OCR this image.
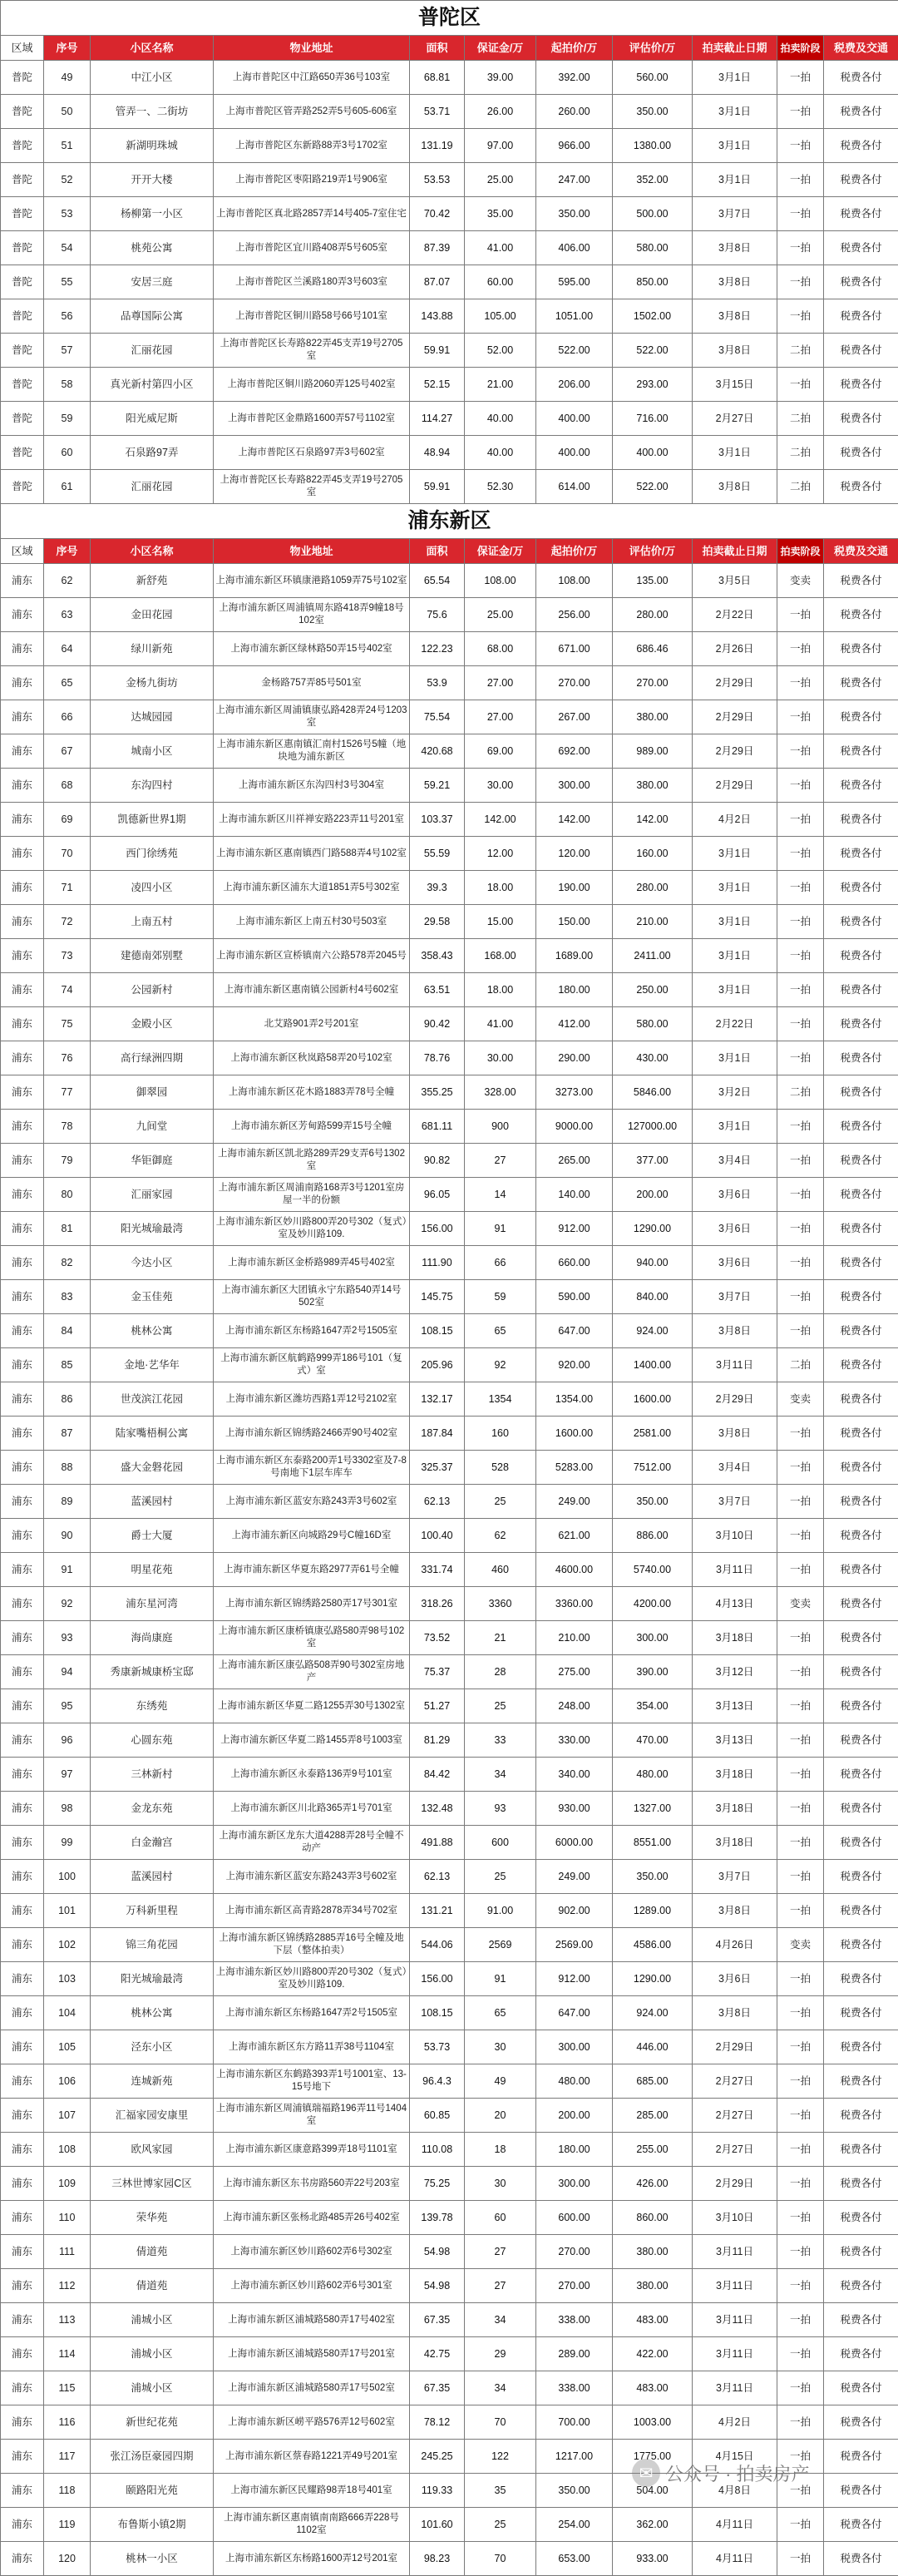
普陀区										
区域	序号	小区名称	物业地址	面积	保证金/万	起拍价/万	评估价/万	拍卖截止日期	拍卖阶段	税费及交通
普陀	49	中江小区	上海市普陀区中江路650弄36号103室	68.81	39.00	392.00	560.00	3月1日	一拍	税费各付
普陀	50	管弄一、二街坊	上海市普陀区管弄路252弄5号605-606室	53.71	26.00	260.00	350.00	3月1日	一拍	税费各付
普陀	51	新湖明珠城	上海市普陀区东新路88弄3号1702室	131.19	97.00	966.00	1380.00	3月1日	一拍	税费各付
普陀	52	开开大楼	上海市普陀区枣阳路219弄1号906室	53.53	25.00	247.00	352.00	3月1日	一拍	税费各付
普陀	53	杨柳第一小区	上海市普陀区真北路2857弄14号405-7室住宅	70.42	35.00	350.00	500.00	3月7日	一拍	税费各付
普陀	54	桃苑公寓	上海市普陀区宜川路408弄5号605室	87.39	41.00	406.00	580.00	3月8日	一拍	税费各付
普陀	55	安居三庭	上海市普陀区兰溪路180弄3号603室	87.07	60.00	595.00	850.00	3月8日	一拍	税费各付
普陀	56	品尊国际公寓	上海市普陀区铜川路58号66号101室	143.88	105.00	1051.00	1502.00	3月8日	一拍	税费各付
普陀	57	汇丽花园	上海市普陀区长寿路822弄45支弄19号2705室	59.91	52.00	522.00	522.00	3月8日	二拍	税费各付
普陀	58	真光新村第四小区	上海市普陀区铜川路2060弄125号402室	52.15	21.00	206.00	293.00	3月15日	一拍	税费各付
普陀	59	阳光威尼斯	上海市普陀区金鼎路1600弄57号1102室	114.27	40.00	400.00	716.00	2月27日	二拍	税费各付
普陀	60	石泉路97弄	上海市普陀区石泉路97弄3号602室	48.94	40.00	400.00	400.00	3月1日	二拍	税费各付
普陀	61	汇丽花园	上海市普陀区长寿路822弄45支弄19号2705室	59.91	52.30	614.00	522.00	3月8日	二拍	税费各付
浦东新区										
区域	序号	小区名称	物业地址	面积	保证金/万	起拍价/万	评估价/万	拍卖截止日期	拍卖阶段	税费及交通
浦东	62	新舒苑	上海市浦东新区环镇康港路1059弄75号102室	65.54	108.00	108.00	135.00	3月5日	变卖	税费各付
浦东	63	金田花园	上海市浦东新区周浦镇周东路418弄9幢18号102室	75.6	25.00	256.00	280.00	2月22日	一拍	税费各付
浦东	64	绿川新苑	上海市浦东新区绿林路50弄15号402室	122.23	68.00	671.00	686.46	2月26日	一拍	税费各付
浦东	65	金杨九街坊	金杨路757弄85号501室	53.9	27.00	270.00	270.00	2月29日	一拍	税费各付
浦东	66	达城园园	上海市浦东新区周浦镇康弘路428弄24号1203室	75.54	27.00	267.00	380.00	2月29日	一拍	税费各付
浦东	67	城南小区	上海市浦东新区惠南镇汇南村1526号5幢（地块地为浦东新区	420.68	69.00	692.00	989.00	2月29日	一拍	税费各付
浦东	68	东沟四村	上海市浦东新区东沟四村3号304室	59.21	30.00	300.00	380.00	2月29日	一拍	税费各付
浦东	69	凯德新世界1期	上海市浦东新区川祥禅安路223弄11号201室	103.37	142.00	142.00	142.00	4月2日	一拍	税费各付
浦东	70	西门徐绣苑	上海市浦东新区惠南镇西门路588弄4号102室	55.59	12.00	120.00	160.00	3月1日	一拍	税费各付
浦东	71	凌四小区	上海市浦东新区浦东大道1851弄5号302室	39.3	18.00	190.00	280.00	3月1日	一拍	税费各付
浦东	72	上南五村	上海市浦东新区上南五村30号503室	29.58	15.00	150.00	210.00	3月1日	一拍	税费各付
浦东	73	建德南郊别墅	上海市浦东新区宣桥镇南六公路578弄2045号	358.43	168.00	1689.00	2411.00	3月1日	一拍	税费各付
浦东	74	公园新村	上海市浦东新区惠南镇公园新村4号602室	63.51	18.00	180.00	250.00	3月1日	一拍	税费各付
浦东	75	金殿小区	北艾路901弄2号201室	90.42	41.00	412.00	580.00	2月22日	一拍	税费各付
浦东	76	高行绿洲四期	上海市浦东新区秋岚路58弄20号102室	78.76	30.00	290.00	430.00	3月1日	一拍	税费各付
浦东	77	御翠园	上海市浦东新区花木路1883弄78号全幢	355.25	328.00	3273.00	5846.00	3月2日	二拍	税费各付
浦东	78	九间堂	上海市浦东新区芳甸路599弄15号全幢	681.11	900	9000.00	127000.00	3月1日	一拍	税费各付
浦东	79	华钜御庭	上海市浦东新区凯北路289弄29支弄6号1302室	90.82	27	265.00	377.00	3月4日	一拍	税费各付
浦东	80	汇丽家园	上海市浦东新区周浦南路168弄3号1201室房屋一半的份额	96.05	14	140.00	200.00	3月6日	一拍	税费各付
浦东	81	阳光城瑜最湾	上海市浦东新区妙川路800弄20号302（复式）室及妙川路109.	156.00	91	912.00	1290.00	3月6日	一拍	税费各付
浦东	82	今达小区	上海市浦东新区金桥路989弄45号402室	111.90	66	660.00	940.00	3月6日	一拍	税费各付
浦东	83	金玉佳苑	上海市浦东新区大团镇永宁东路540弄14号502室	145.75	59	590.00	840.00	3月7日	一拍	税费各付
浦东	84	桃林公寓	上海市浦东新区东杨路1647弄2号1505室	108.15	65	647.00	924.00	3月8日	一拍	税费各付
浦东	85	金地·艺华年	上海市浦东新区航鹤路999弄186号101（复式）室	205.96	92	920.00	1400.00	3月11日	二拍	税费各付
浦东	86	世茂滨江花园	上海市浦东新区潍坊西路1弄12号2102室	132.17	1354	1354.00	1600.00	2月29日	变卖	税费各付
浦东	87	陆家嘴梧桐公寓	上海市浦东新区锦绣路2466弄90号402室	187.84	160	1600.00	2581.00	3月8日	一拍	税费各付
浦东	88	盛大金磐花园	上海市浦东新区东泰路200弄1号3302室及7-8号南地下1层车库车	325.37	528	5283.00	7512.00	3月4日	一拍	税费各付
浦东	89	蓝溪园村	上海市浦东新区蓝安东路243弄3号602室	62.13	25	249.00	350.00	3月7日	一拍	税费各付
浦东	90	爵士大厦	上海市浦东新区向城路29号C幢16D室	100.40	62	621.00	886.00	3月10日	一拍	税费各付
浦东	91	明星花苑	上海市浦东新区华夏东路2977弄61号全幢	331.74	460	4600.00	5740.00	3月11日	一拍	税费各付
浦东	92	浦东星河湾	上海市浦东新区锦绣路2580弄17号301室	318.26	3360	3360.00	4200.00	4月13日	变卖	税费各付
浦东	93	海尚康庭	上海市浦东新区康桥镇康弘路580弄98号102室	73.52	21	210.00	300.00	3月18日	一拍	税费各付
浦东	94	秀康新城康桥宝邸	上海市浦东新区康弘路508弄90号302室房地产	75.37	28	275.00	390.00	3月12日	一拍	税费各付
浦东	95	东绣苑	上海市浦东新区华夏二路1255弄30号1302室	51.27	25	248.00	354.00	3月13日	一拍	税费各付
浦东	96	心圆东苑	上海市浦东新区华夏二路1455弄8号1003室	81.29	33	330.00	470.00	3月13日	一拍	税费各付
浦东	97	三林新村	上海市浦东新区永泰路136弄9号101室	84.42	34	340.00	480.00	3月18日	一拍	税费各付
浦东	98	金龙东苑	上海市浦东新区川北路365弄1号701室	132.48	93	930.00	1327.00	3月18日	一拍	税费各付
浦东	99	白金瀚宫	上海市浦东新区龙东大道4288弄28号全幢不动产	491.88	600	6000.00	8551.00	3月18日	一拍	税费各付
浦东	100	蓝溪园村	上海市浦东新区蓝安东路243弄3号602室	62.13	25	249.00	350.00	3月7日	一拍	税费各付
浦东	101	万科新里程	上海市浦东新区高青路2878弄34号702室	131.21	91.00	902.00	1289.00	3月8日	一拍	税费各付
浦东	102	锦三角花园	上海市浦东新区锦绣路2885弄16号全幢及地下层（整体拍卖）	544.06	2569	2569.00	4586.00	4月26日	变卖	税费各付
浦东	103	阳光城瑜最湾	上海市浦东新区妙川路800弄20号302（复式）室及妙川路109.	156.00	91	912.00	1290.00	3月6日	一拍	税费各付
浦东	104	桃林公寓	上海市浦东新区东杨路1647弄2号1505室	108.15	65	647.00	924.00	3月8日	一拍	税费各付
浦东	105	泾东小区	上海市浦东新区东方路11弄38号1104室	53.73	30	300.00	446.00	2月29日	一拍	税费各付
浦东	106	连城新苑	上海市浦东新区东鹤路393弄1号1001室、13-15号地下	96.4.3	49	480.00	685.00	2月27日	一拍	税费各付
浦东	107	汇福家园安康里	上海市浦东新区周浦镇瑞福路196弄11号1404室	60.85	20	200.00	285.00	2月27日	一拍	税费各付
浦东	108	欧风家园	上海市浦东新区康意路399弄18号1101室	110.08	18	180.00	255.00	2月27日	一拍	税费各付
浦东	109	三林世博家园C区	上海市浦东新区东书房路560弄22号203室	75.25	30	300.00	426.00	2月29日	一拍	税费各付
浦东	110	荣华苑	上海市浦东新区张杨北路485弄26号402室	139.78	60	600.00	860.00	3月10日	一拍	税费各付
浦东	111	倩道苑	上海市浦东新区妙川路602弄6号302室	54.98	27	270.00	380.00	3月11日	一拍	税费各付
浦东	112	倩道苑	上海市浦东新区妙川路602弄6号301室	54.98	27	270.00	380.00	3月11日	一拍	税费各付
浦东	113	浦城小区	上海市浦东新区浦城路580弄17号402室	67.35	34	338.00	483.00	3月11日	一拍	税费各付
浦东	114	浦城小区	上海市浦东新区浦城路580弄17号201室	42.75	29	289.00	422.00	3月11日	一拍	税费各付
浦东	115	浦城小区	上海市浦东新区浦城路580弄17号502室	67.35	34	338.00	483.00	3月11日	一拍	税费各付
浦东	116	新世纪花苑	上海市浦东新区崂平路576弄12号602室	78.12	70	700.00	1003.00	4月2日	一拍	税费各付
浦东	117	张江汤臣豪园四期	上海市浦东新区蔡春路1221弄49号201室	245.25	122	1217.00	1775.00	4月15日	一拍	税费各付
浦东	118	颐路阳光苑	上海市浦东新区民耀路98弄18号401室	119.33	35	350.00	504.00	4月8日	一拍	税费各付
浦东	119	布鲁斯小镇2期	上海市浦东新区惠南镇南南路666弄228号1102室	101.60	25	254.00	362.00	4月11日	一拍	税费各付
浦东	120	桃林一小区	上海市浦东新区东杨路1600弄12号201室	98.23	70	653.00	933.00	4月11日	一拍	税费各付
✉ 公众号 · 拍卖房产
